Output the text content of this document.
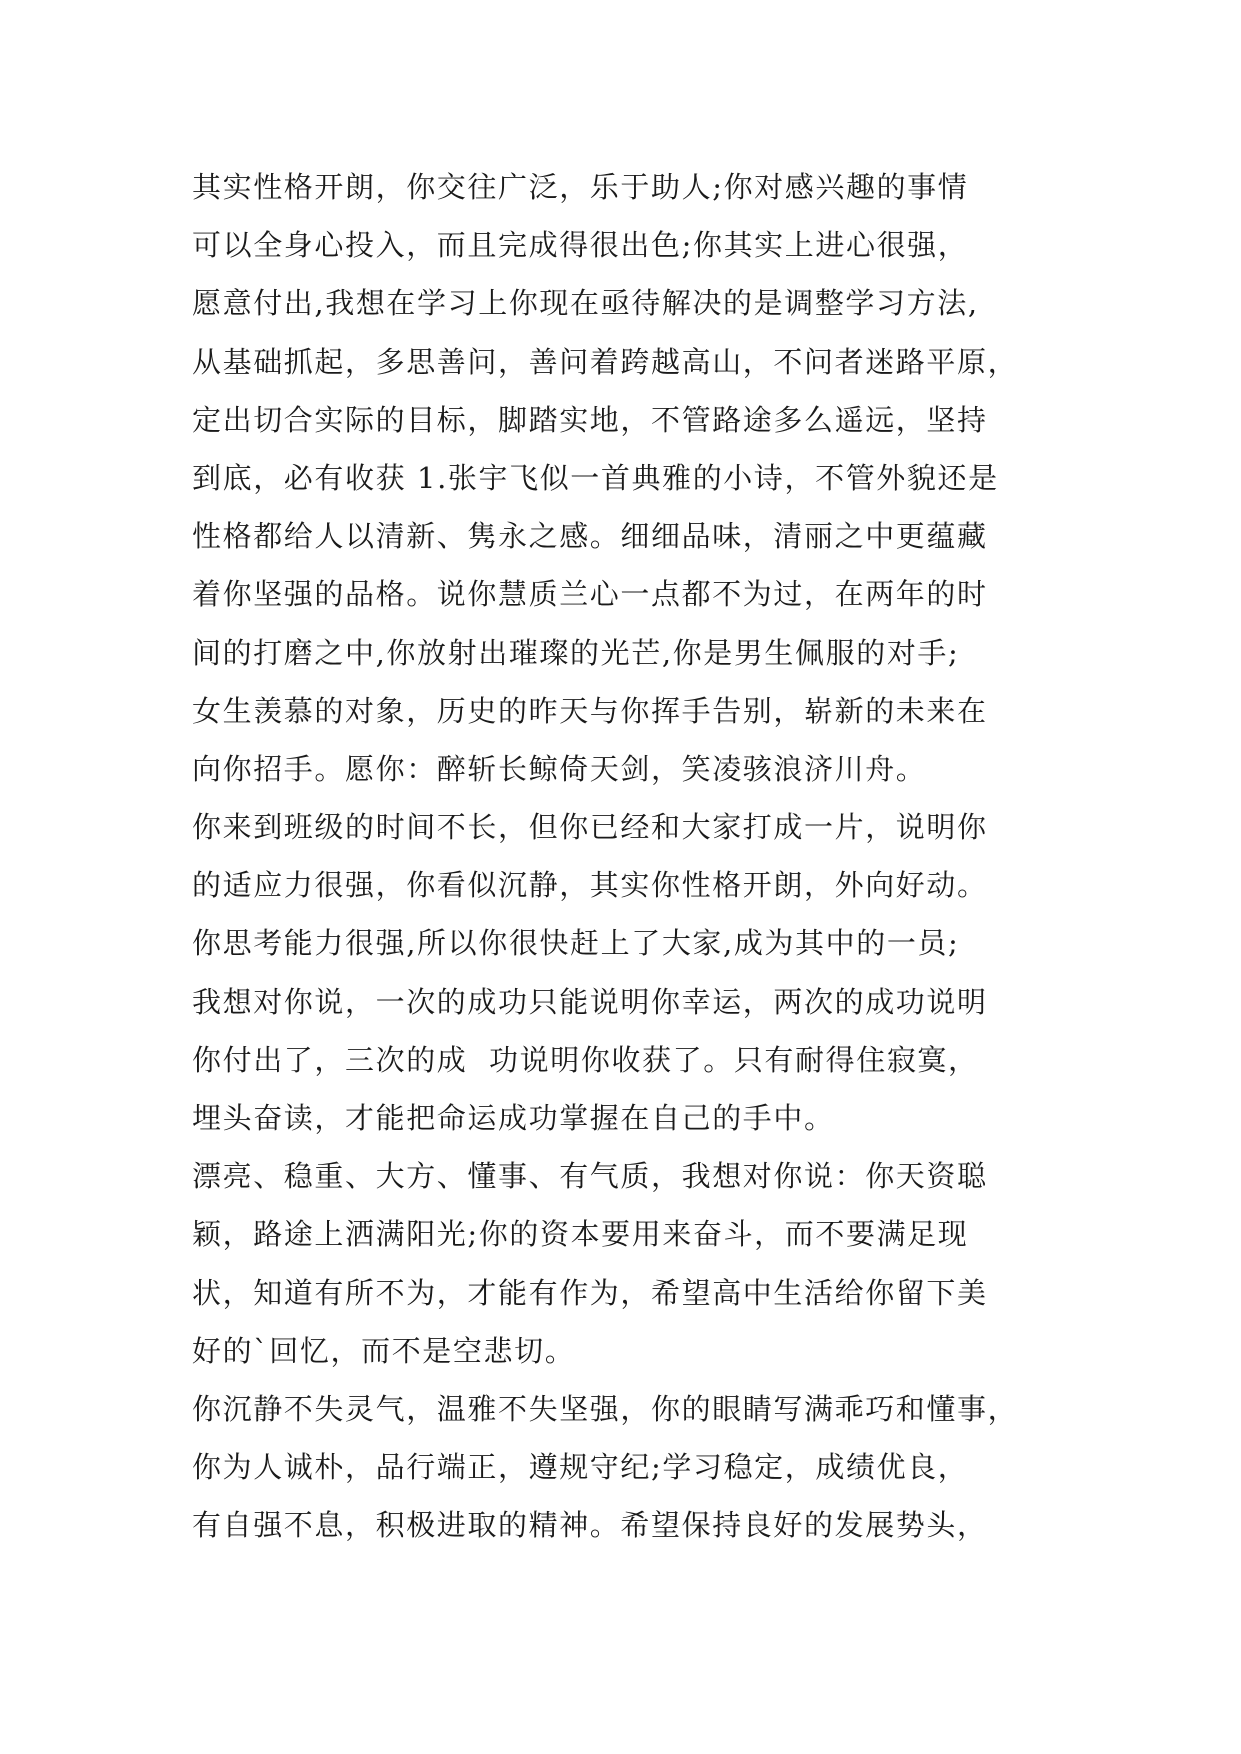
其实性格开朗，你交往广泛，乐于助人;你对感兴趣的事情
可以全身心投入，而且完成得很出色;你其实上进心很强，
愿意付出,我想在学习上你现在亟待解决的是调整学习方法,
从基础抓起，多思善问，善问着跨越高山，不问者迷路平原，
定出切合实际的目标，脚踏实地，不管路途多么遥远，坚持
到底，必有收获 1.张宇飞似一首典雅的小诗，不管外貌还是
性格都给人以清新、隽永之感。细细品味，清丽之中更蕴藏
着你坚强的品格。说你慧质兰心一点都不为过，在两年的时
间的打磨之中,你放射出璀璨的光芒,你是男生佩服的对手;
女生羡慕的对象，历史的昨天与你挥手告别，崭新的未来在
向你招手。愿你：醉斩长鲸倚天剑，笑凌骇浪济川舟。
你来到班级的时间不长，但你已经和大家打成一片，说明你
的适应力很强，你看似沉静，其实你性格开朗，外向好动。
你思考能力很强,所以你很快赶上了大家,成为其中的一员;
我想对你说，一次的成功只能说明你幸运，两次的成功说明
你付出了，三次的成  功说明你收获了。只有耐得住寂寞，
埋头奋读，才能把命运成功掌握在自己的手中。
漂亮、稳重、大方、懂事、有气质，我想对你说：你天资聪
颖，路途上洒满阳光;你的资本要用来奋斗，而不要满足现
状，知道有所不为，才能有作为，希望高中生活给你留下美
好的`回忆，而不是空悲切。
你沉静不失灵气，温雅不失坚强，你的眼睛写满乖巧和懂事，
你为人诚朴，品行端正，遵规守纪;学习稳定，成绩优良，
有自强不息，积极进取的精神。希望保持良好的发展势头，
